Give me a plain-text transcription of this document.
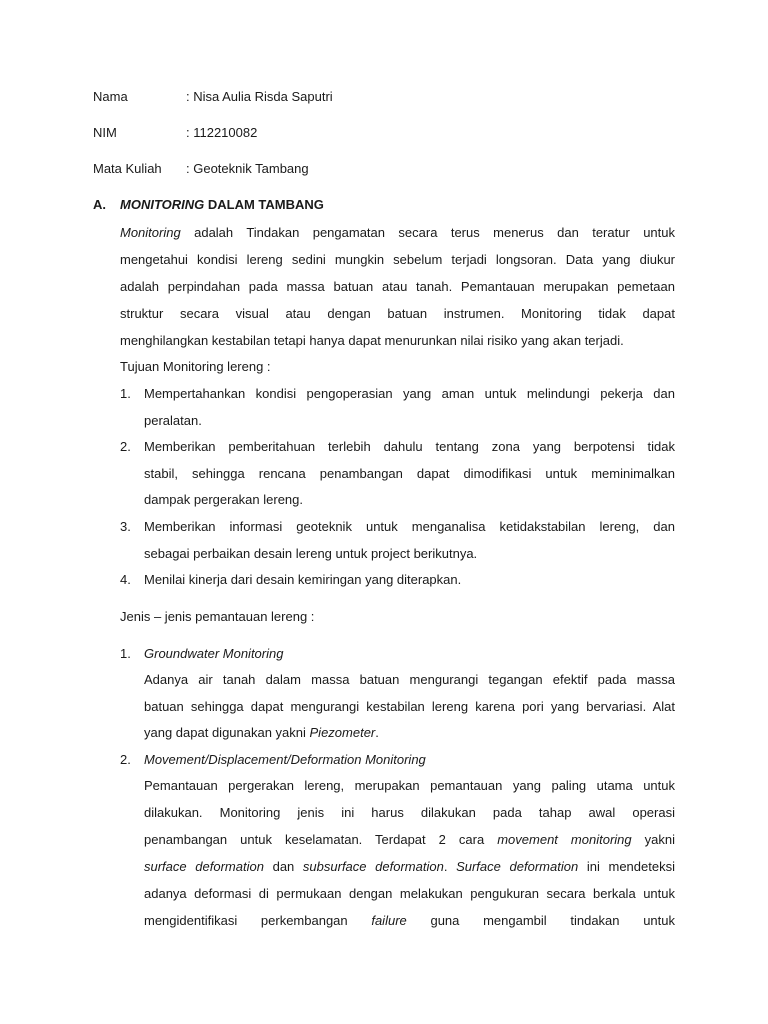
Nama	: Nisa Aulia Risda Saputri
NIM	: 112210082
Mata Kuliah : Geoteknik Tambang
A. MONITORING DALAM TAMBANG
Monitoring adalah Tindakan pengamatan secara terus menerus dan teratur untuk
mengetahui kondisi lereng sedini mungkin sebelum terjadi longsoran. Data yang diukur
adalah perpindahan pada massa batuan atau tanah. Pemantauan merupakan pemetaan
struktur secara visual atau dengan batuan instrumen. Monitoring tidak dapat
menghilangkan kestabilan tetapi hanya dapat menurunkan nilai risiko yang akan terjadi.
Tujuan Monitoring lereng :
1. Mempertahankan kondisi pengoperasian yang aman untuk melindungi pekerja dan
peralatan.
2. Memberikan pemberitahuan terlebih dahulu tentang zona yang berpotensi tidak
stabil, sehingga rencana penambangan dapat dimodifikasi untuk meminimalkan
dampak pergerakan lereng.
3. Memberikan informasi geoteknik untuk menganalisa ketidakstabilan lereng, dan
sebagai perbaikan desain lereng untuk project berikutnya.
4. Menilai kinerja dari desain kemiringan yang diterapkan.
Jenis – jenis pemantauan lereng :
1. Groundwater Monitoring
Adanya air tanah dalam massa batuan mengurangi tegangan efektif pada massa
batuan sehingga dapat mengurangi kestabilan lereng karena pori yang bervariasi. Alat
yang dapat digunakan yakni Piezometer.
2. Movement/Displacement/Deformation Monitoring
Pemantauan pergerakan lereng, merupakan pemantauan yang paling utama untuk
dilakukan. Monitoring jenis ini harus dilakukan pada tahap awal operasi
penambangan untuk keselamatan. Terdapat 2 cara movement monitoring yakni
surface deformation dan subsurface deformation. Surface deformation ini mendeteksi
adanya deformasi di permukaan dengan melakukan pengukuran secara berkala untuk
mengidentifikasi perkembangan failure guna mengambil tindakan untuk
